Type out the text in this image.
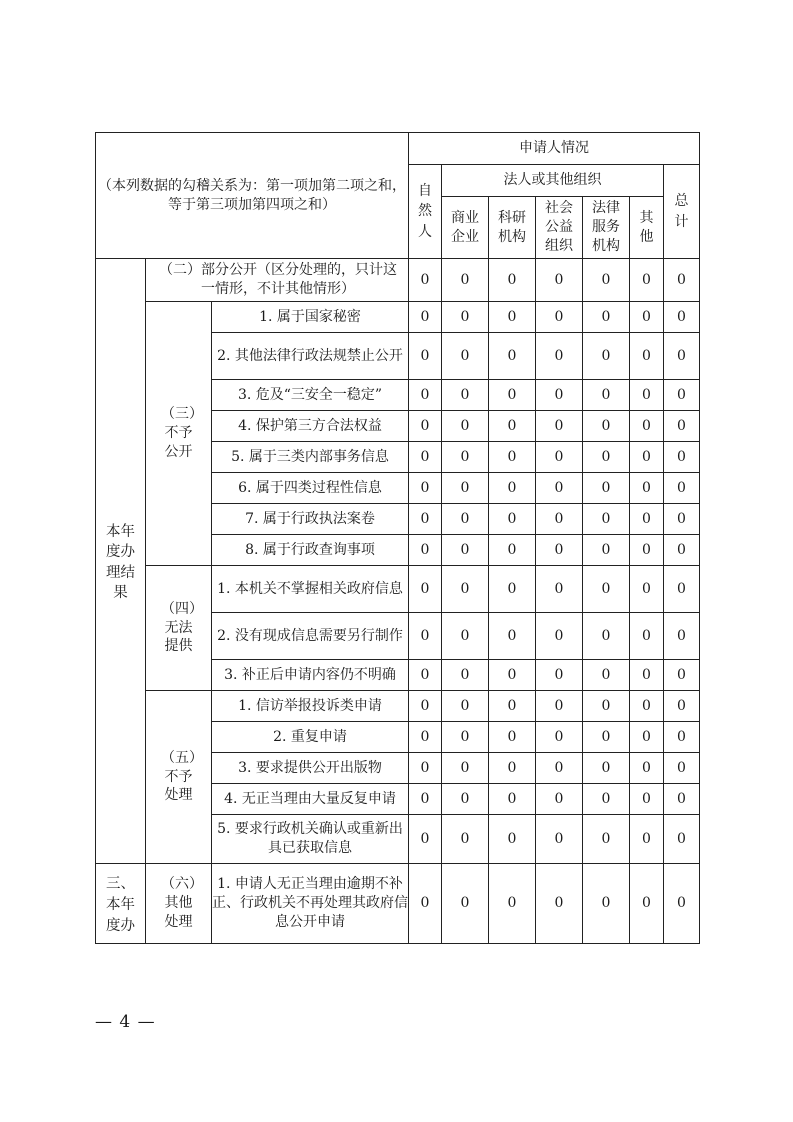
（本列数据的勾稽关系为：第一项加第二项之和，等于第三项加第四项之和）			申请人情况						
			自然人	法人或其他组织					总计
				商业企业	科研机构	社会公益组织	法律服务机构	其他	
本年度办理结果	（二）部分公开（区分处理的，只计这一情形，不计其他情形）		0	0	0	0	0	0	0
	（三）不予公开	1. 属于国家秘密	0	0	0	0	0	0	0
		2. 其他法律行政法规禁止公开	0	0	0	0	0	0	0
		3. 危及“三安全一稳定”	0	0	0	0	0	0	0
		4. 保护第三方合法权益	0	0	0	0	0	0	0
		5. 属于三类内部事务信息	0	0	0	0	0	0	0
		6. 属于四类过程性信息	0	0	0	0	0	0	0
		7. 属于行政执法案卷	0	0	0	0	0	0	0
		8. 属于行政查询事项	0	0	0	0	0	0	0
	（四）无法提供	1. 本机关不掌握相关政府信息	0	0	0	0	0	0	0
		2. 没有现成信息需要另行制作	0	0	0	0	0	0	0
		3. 补正后申请内容仍不明确	0	0	0	0	0	0	0
	（五）不予处理	1. 信访举报投诉类申请	0	0	0	0	0	0	0
		2. 重复申请	0	0	0	0	0	0	0
		3. 要求提供公开出版物	0	0	0	0	0	0	0
		4. 无正当理由大量反复申请	0	0	0	0	0	0	0
		5. 要求行政机关确认或重新出具已获取信息	0	0	0	0	0	0	0
三、本年度办	（六）其他处理	1. 申请人无正当理由逾期不补正、行政机关不再处理其政府信息公开申请	0	0	0	0	0	0	0
— 4 —
